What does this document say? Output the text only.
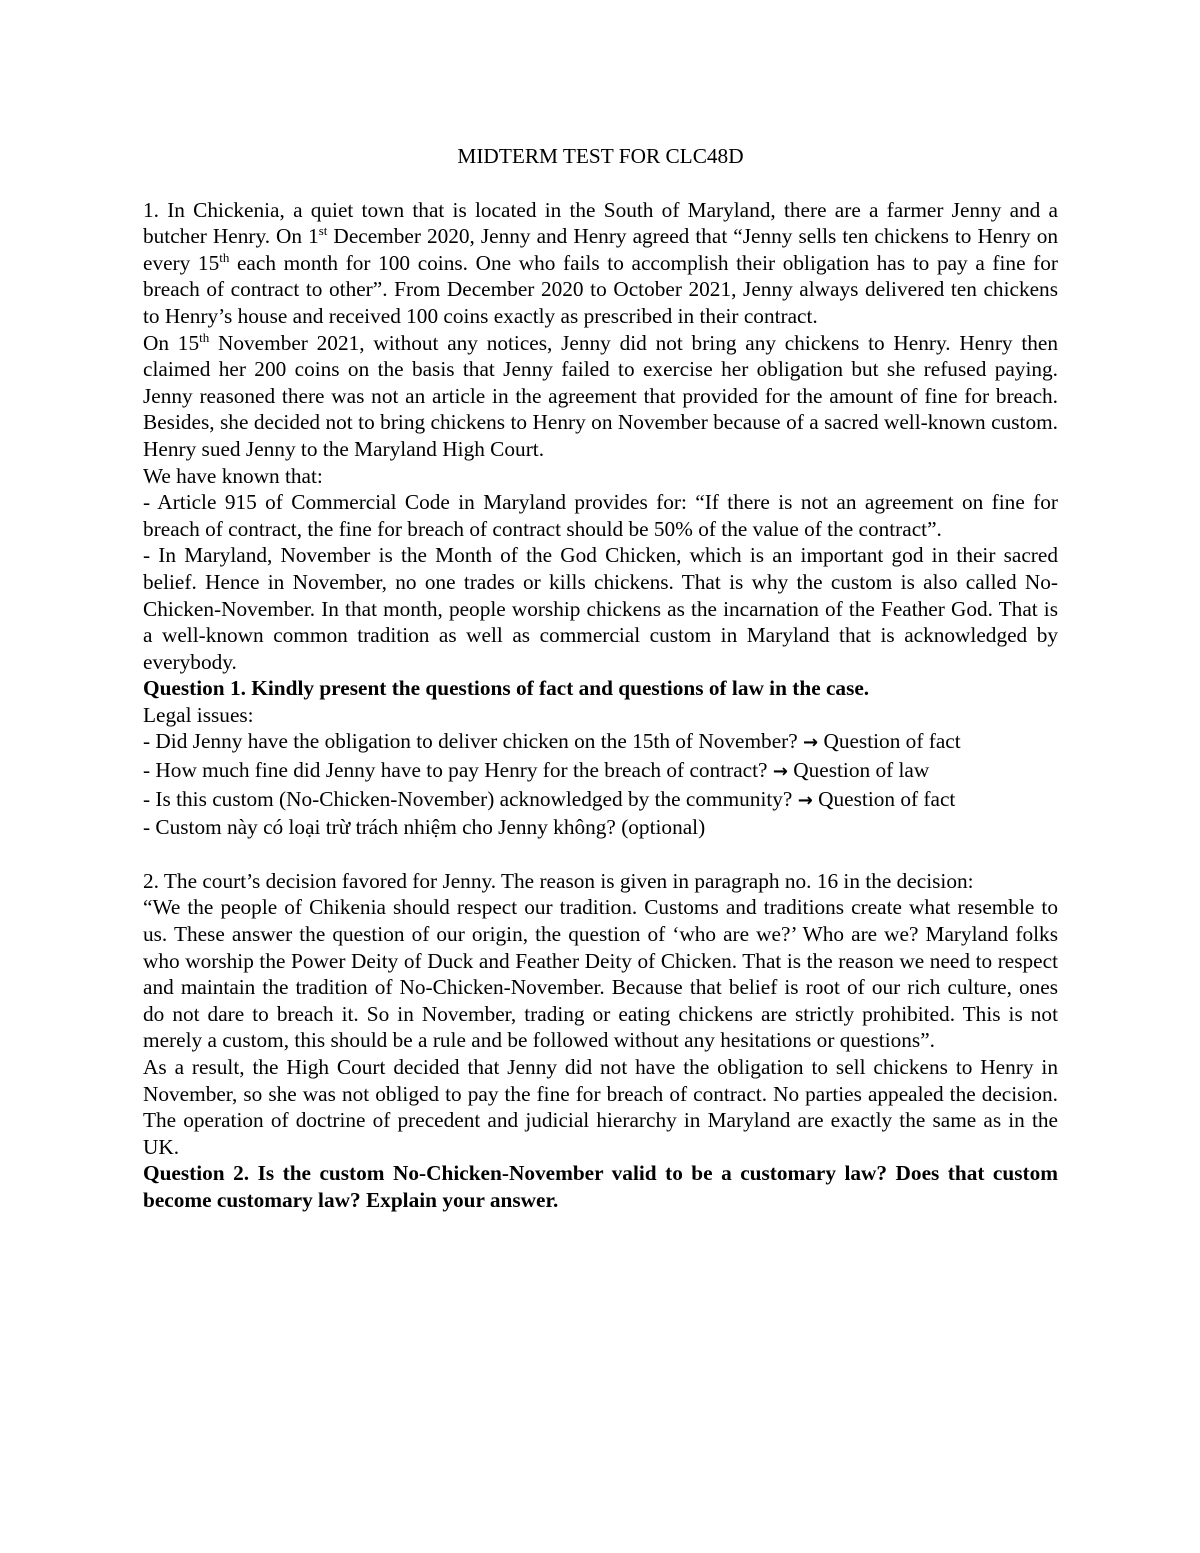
MIDTERM TEST FOR CLC48D

1. In Chickenia, a quiet town that is located in the South of Maryland, there are a farmer Jenny and a butcher Henry. On 1st December 2020, Jenny and Henry agreed that “Jenny sells ten chickens to Henry on every 15th each month for 100 coins. One who fails to accomplish their obligation has to pay a fine for breach of contract to other”. From December 2020 to October 2021, Jenny always delivered ten chickens to Henry’s house and received 100 coins exactly as prescribed in their contract.

On 15th November 2021, without any notices, Jenny did not bring any chickens to Henry. Henry then claimed her 200 coins on the basis that Jenny failed to exercise her obligation but she refused paying. Jenny reasoned there was not an article in the agreement that provided for the amount of fine for breach. Besides, she decided not to bring chickens to Henry on November because of a sacred well-known custom. Henry sued Jenny to the Maryland High Court.

We have known that:

- Article 915 of Commercial Code in Maryland provides for: “If there is not an agreement on fine for breach of contract, the fine for breach of contract should be 50% of the value of the contract”.

- In Maryland, November is the Month of the God Chicken, which is an important god in their sacred belief. Hence in November, no one trades or kills chickens. That is why the custom is also called No-Chicken-November. In that month, people worship chickens as the incarnation of the Feather God. That is a well-known common tradition as well as commercial custom in Maryland that is acknowledged by everybody.

Question 1. Kindly present the questions of fact and questions of law in the case.

Legal issues:

- Did Jenny have the obligation to deliver chicken on the 15th of November? → Question of fact

- How much fine did Jenny have to pay Henry for the breach of contract? → Question of law

- Is this custom (No-Chicken-November) acknowledged by the community? → Question of fact

- Custom này có loại trừ trách nhiệm cho Jenny không? (optional)

2. The court’s decision favored for Jenny. The reason is given in paragraph no. 16 in the decision:

“We the people of Chikenia should respect our tradition. Customs and traditions create what resemble to us. These answer the question of our origin, the question of ‘who are we?’ Who are we? Maryland folks who worship the Power Deity of Duck and Feather Deity of Chicken. That is the reason we need to respect and maintain the tradition of No-Chicken-November. Because that belief is root of our rich culture, ones do not dare to breach it. So in November, trading or eating chickens are strictly prohibited. This is not merely a custom, this should be a rule and be followed without any hesitations or questions”.

As a result, the High Court decided that Jenny did not have the obligation to sell chickens to Henry in November, so she was not obliged to pay the fine for breach of contract. No parties appealed the decision. The operation of doctrine of precedent and judicial hierarchy in Maryland are exactly the same as in the UK.

Question 2. Is the custom No-Chicken-November valid to be a customary law? Does that custom become customary law? Explain your answer.
